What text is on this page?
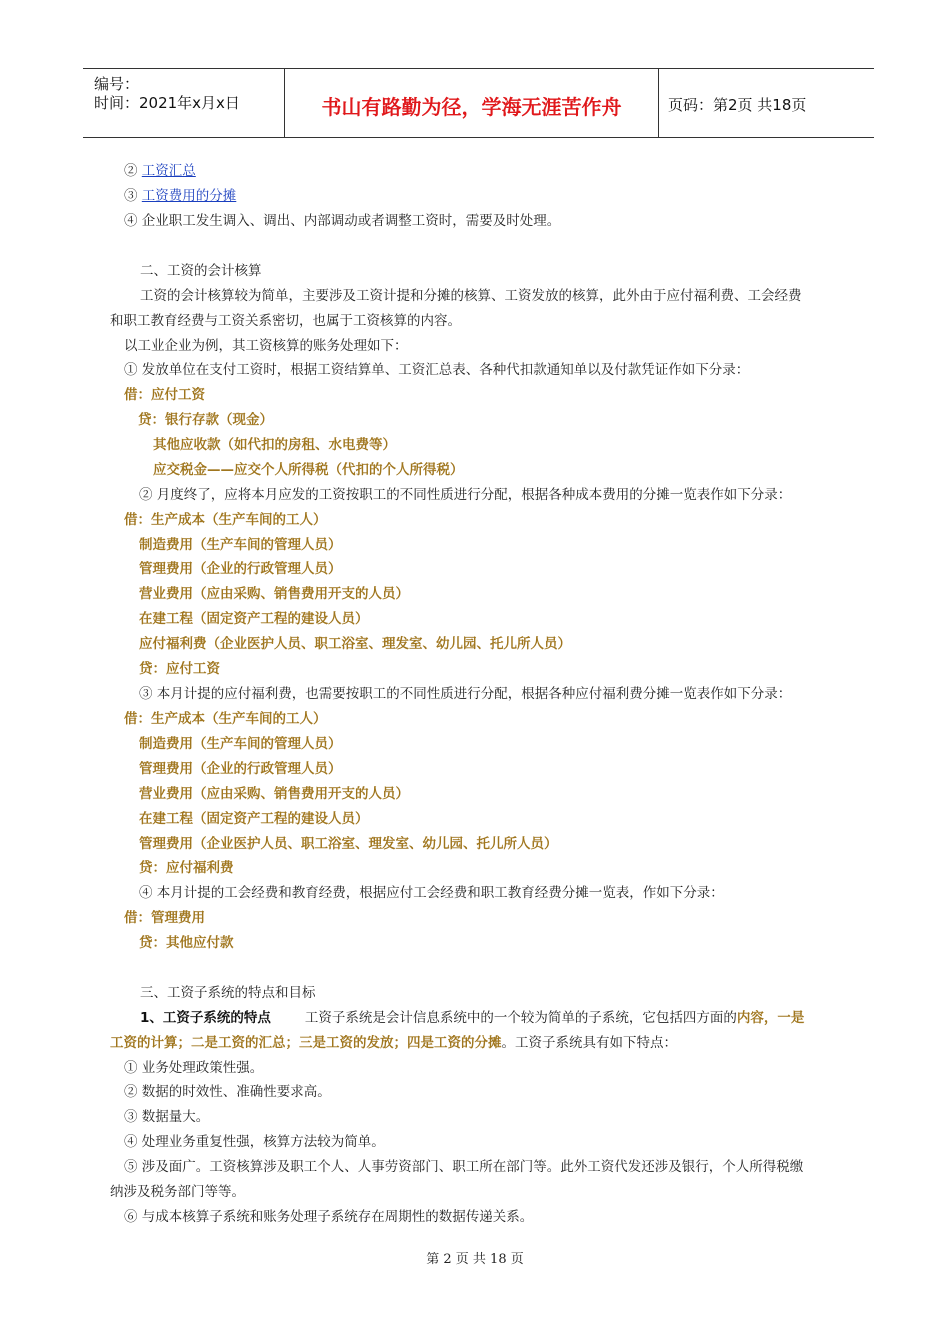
编号：
时间：2021年x月x日	书山有路勤为径，学海无涯苦作舟	页码：第2页 共18页
② 工资汇总
③ 工资费用的分摊
④ 企业职工发生调入、调出、内部调动或者调整工资时，需要及时处理。
二、工资的会计核算
工资的会计核算较为简单，主要涉及工资计提和分摊的核算、工资发放的核算，此外由于应付福利费、工会经费
和职工教育经费与工资关系密切，也属于工资核算的内容。
以工业企业为例，其工资核算的账务处理如下：
① 发放单位在支付工资时，根据工资结算单、工资汇总表、各种代扣款通知单以及付款凭证作如下分录：
借：应付工资
贷：银行存款（现金）
其他应收款（如代扣的房租、水电费等）
应交税金——应交个人所得税（代扣的个人所得税）
② 月度终了，应将本月应发的工资按职工的不同性质进行分配，根据各种成本费用的分摊一览表作如下分录：
借：生产成本（生产车间的工人）
制造费用（生产车间的管理人员）
管理费用（企业的行政管理人员）
营业费用（应由采购、销售费用开支的人员）
在建工程（固定资产工程的建设人员）
应付福利费（企业医护人员、职工浴室、理发室、幼儿园、托儿所人员）
贷：应付工资
③ 本月计提的应付福利费，也需要按职工的不同性质进行分配，根据各种应付福利费分摊一览表作如下分录：
借：生产成本（生产车间的工人）
制造费用（生产车间的管理人员）
管理费用（企业的行政管理人员）
营业费用（应由采购、销售费用开支的人员）
在建工程（固定资产工程的建设人员）
管理费用（企业医护人员、职工浴室、理发室、幼儿园、托儿所人员）
贷：应付福利费
④ 本月计提的工会经费和教育经费，根据应付工会经费和职工教育经费分摊一览表，作如下分录：
借：管理费用
贷：其他应付款
三、工资子系统的特点和目标
1、工资子系统的特点	工资子系统是会计信息系统中的一个较为简单的子系统，它包括四方面的内容，一是
工资的计算；二是工资的汇总；三是工资的发放；四是工资的分摊。工资子系统具有如下特点：
① 业务处理政策性强。
② 数据的时效性、准确性要求高。
③ 数据量大。
④ 处理业务重复性强，核算方法较为简单。
⑤ 涉及面广。工资核算涉及职工个人、人事劳资部门、职工所在部门等。此外工资代发还涉及银行，个人所得税缴
纳涉及税务部门等等。
⑥ 与成本核算子系统和账务处理子系统存在周期性的数据传递关系。
第 2 页 共 18 页
